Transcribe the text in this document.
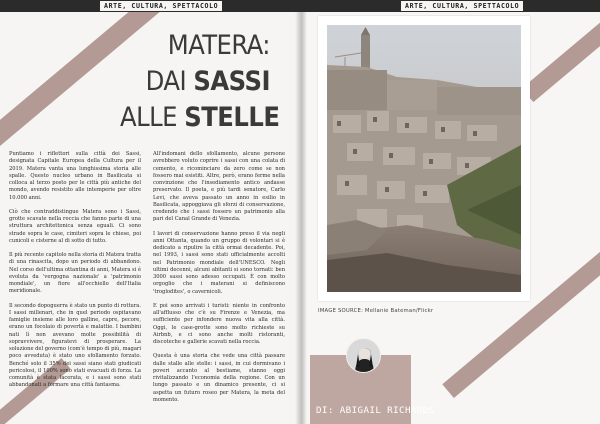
ARTE, CULTURA, SPETTACOLO	ARTE, CULTURA, SPETTACOLO
MATERA:
DAI SASSI
ALLE STELLE

Puntiamo i riflettori sulla città dei Sassi, designata Capitale Europea della Cultura per il 2019. Matera vanta una lunghissima storia alle spalle. Questo nucleo urbano in Basilicata si colloca al terzo posto per le città più antiche del mondo, avendo resistito alle intemperie per oltre 10.000 anni.

Ciò che contraddistingue Matera sono i Sassi, grotte scavate nella roccia che fanno parte di una struttura architettonica senza eguali. Ci sono strade sopra le case, cimiteri sopra le chiese, poi cunicoli e cisterne al di sotto di tutto.

Il più recente capitolo nella storia di Matera tratta di una rinascita, dopo un periodo di abbandono. Nel corso dell'ultima ottantina di anni, Matera si è evoluta da 'vergogna nazionale' a 'patrimonio mondiale', un fiore all'occhiello dell'Italia meridionale.

Il secondo dopoguerra è stato un punto di rottura. I sassi millenari, che in quel periodo ospitavano famiglie insieme alle loro galline, capre, pecore, erano un focolaio di povertà e malattie. I bambini nati lì non avevano molte possibilità di sopravvivere, figuratevi di prosperare. La soluzione del governo (com'è tempo di più, magari poco avveduta) è stato uno sfollamento forzato. Benché solo il 35% dei sassi siano stati giudicati pericolosi, il 100% sono stati evacuati di forza. La comunità è stata lacerata, e i sassi sono stati abbandonati a formare una città fantasma.

All'indomani dello sfollamento, alcune persone avrebbero voluto coprire i sassi con una colata di cemento, e ricominciare da zero come se non fossero mai esistiti. Altre, però, erano ferme nella convinzione che l'insediamento antico andasse preservato. Il poeta, e più tardi senatore, Carlo Levi, che aveva passato un anno in esilio in Basilicata, appoggiava gli sforzi di conservazione, credendo che i sassi fossero un patrimonio alla pari del Canal Grande di Venezia.

I lavori di conservazione hanno preso il via negli anni Ottanta, quando un gruppo di volontari si è dedicato a ripulire la città ormai decadente. Poi, nel 1993, i sassi sono stati ufficialmente accolti nel Patrimonio mondiale dell'UNESCO. Negli ultimi decenni, alcuni abitanti si sono tornati: ben 3000 sassi sono adesso occupati. È con molto orgoglio che i materani si definiscono 'troglodites', o cavernicoli.

E poi sono arrivati i turisti: niente in confronto all'afflusso che c'è su Firenze e Venezia, ma sufficiente per infondere nuova vita alla città. Oggi, le case-grotte sono molto richieste su Airbnb, e ci sono anche molti ristoranti, discoteche e gallerie scavati nella roccia.

Questa è una storia che vede una città passare dalle stalle alle stelle: i sassi, in cui dormivano i poveri accanto al bestiame, stanno oggi rivitalizzando l'economia della regione. Con un lungo passato e un dinamico presente, ci si aspetta un futuro roseo per Matera, la meta del momento.

IMAGE SOURCE: Mellanie Bateman/Flickr
DI: ABIGAIL RICHARDS
